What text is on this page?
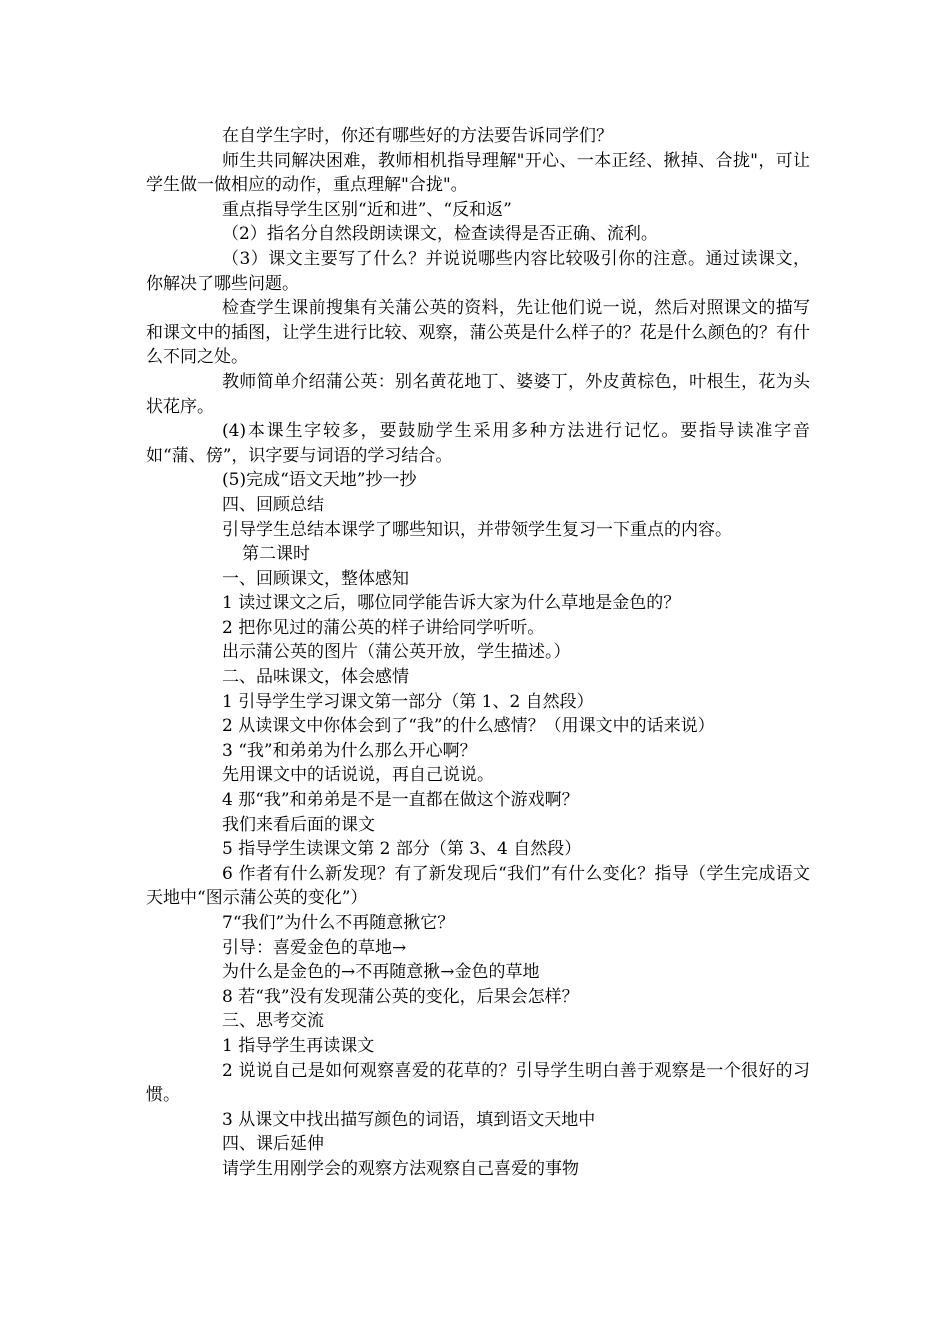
在自学生字时，你还有哪些好的方法要告诉同学们？

师生共同解决困难，教师相机指导理解"开心、一本正经、揪掉、合拢"，可让学生做一做相应的动作，重点理解"合拢"。

重点指导学生区别“近和进”、“反和返”

（2）指名分自然段朗读课文，检查读得是否正确、流利。

（3）课文主要写了什么？并说说哪些内容比较吸引你的注意。通过读课文，你解决了哪些问题。

检查学生课前搜集有关蒲公英的资料，先让他们说一说，然后对照课文的描写和课文中的插图，让学生进行比较、观察，蒲公英是什么样子的？花是什么颜色的？有什么不同之处。

教师简单介绍蒲公英：别名黄花地丁、婆婆丁，外皮黄棕色，叶根生，花为头状花序。

(4)本课生字较多，要鼓励学生采用多种方法进行记忆。要指导读准字音如“蒲、傍”，识字要与词语的学习结合。

(5)完成“语文天地”抄一抄

四、回顾总结

引导学生总结本课学了哪些知识，并带领学生复习一下重点的内容。

第二课时

一、回顾课文，整体感知

1 读过课文之后，哪位同学能告诉大家为什么草地是金色的？

2 把你见过的蒲公英的样子讲给同学听听。

出示蒲公英的图片（蒲公英开放，学生描述。）

二、品味课文，体会感情

1 引导学生学习课文第一部分（第 1、2 自然段）

2 从读课文中你体会到了“我”的什么感情？（用课文中的话来说）

3 “我”和弟弟为什么那么开心啊？

先用课文中的话说说，再自己说说。

4 那“我”和弟弟是不是一直都在做这个游戏啊？

我们来看后面的课文

5 指导学生读课文第 2 部分（第 3、4 自然段）

6 作者有什么新发现？有了新发现后“我们”有什么变化？指导（学生完成语文天地中“图示蒲公英的变化”）

7“我们”为什么不再随意揪它？

引导：喜爱金色的草地→

为什么是金色的→不再随意揪→金色的草地

8 若“我”没有发现蒲公英的变化，后果会怎样？

三、思考交流

1 指导学生再读课文

2 说说自己是如何观察喜爱的花草的？引导学生明白善于观察是一个很好的习惯。

3 从课文中找出描写颜色的词语，填到语文天地中

四、课后延伸

请学生用刚学会的观察方法观察自己喜爱的事物
